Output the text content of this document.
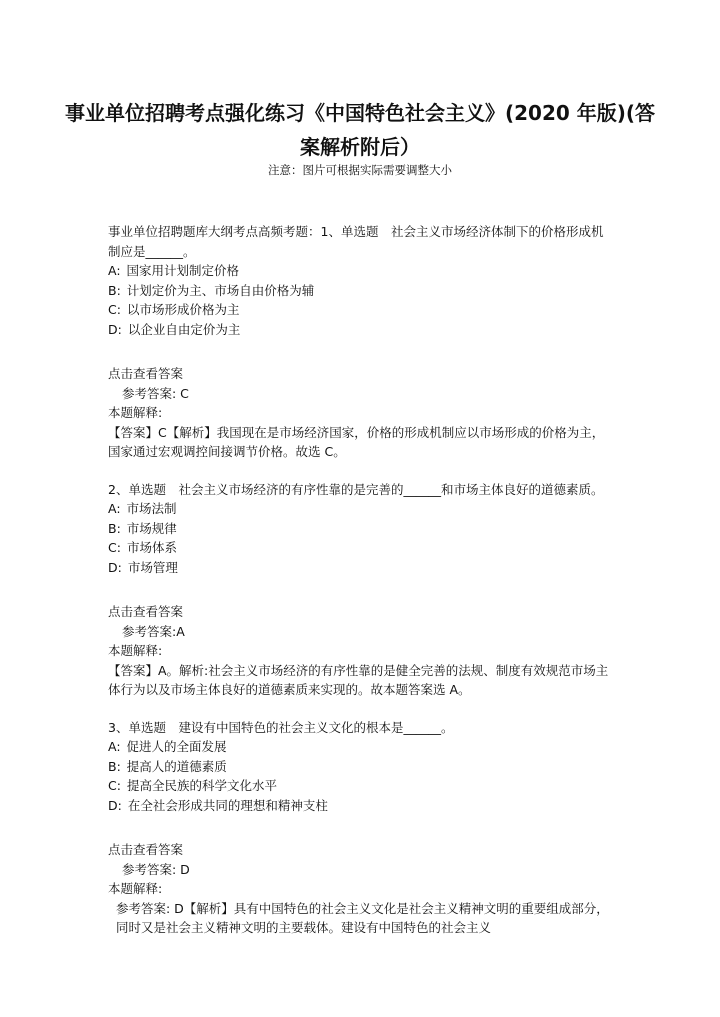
事业单位招聘考点强化练习《中国特色社会主义》(2020 年版)(答案解析附后）
注意：图片可根据实际需要调整大小

事业单位招聘题库大纲考点高频考题：1、单选题　社会主义市场经济体制下的价格形成机制应是______。

A: 国家用计划制定价格

B: 计划定价为主、市场自由价格为辅

C: 以市场形成价格为主

D: 以企业自由定价为主

点击查看答案

参考答案: C

本题解释:

【答案】C【解析】我国现在是市场经济国家，价格的形成机制应以市场形成的价格为主，国家通过宏观调控间接调节价格。故选 C。

2、单选题　社会主义市场经济的有序性靠的是完善的______和市场主体良好的道德素质。

A: 市场法制

B: 市场规律

C: 市场体系

D: 市场管理

点击查看答案

参考答案:A

本题解释:

【答案】A。解析:社会主义市场经济的有序性靠的是健全完善的法规、制度有效规范市场主体行为以及市场主体良好的道德素质来实现的。故本题答案选 A。

3、单选题　建设有中国特色的社会主义文化的根本是______。

A: 促进人的全面发展

B: 提高人的道德素质

C: 提高全民族的科学文化水平

D: 在全社会形成共同的理想和精神支柱

点击查看答案

参考答案: D

本题解释:

参考答案: D【解析】具有中国特色的社会主义文化是社会主义精神文明的重要组成部分，同时又是社会主义精神文明的主要载体。建设有中国特色的社会主义
